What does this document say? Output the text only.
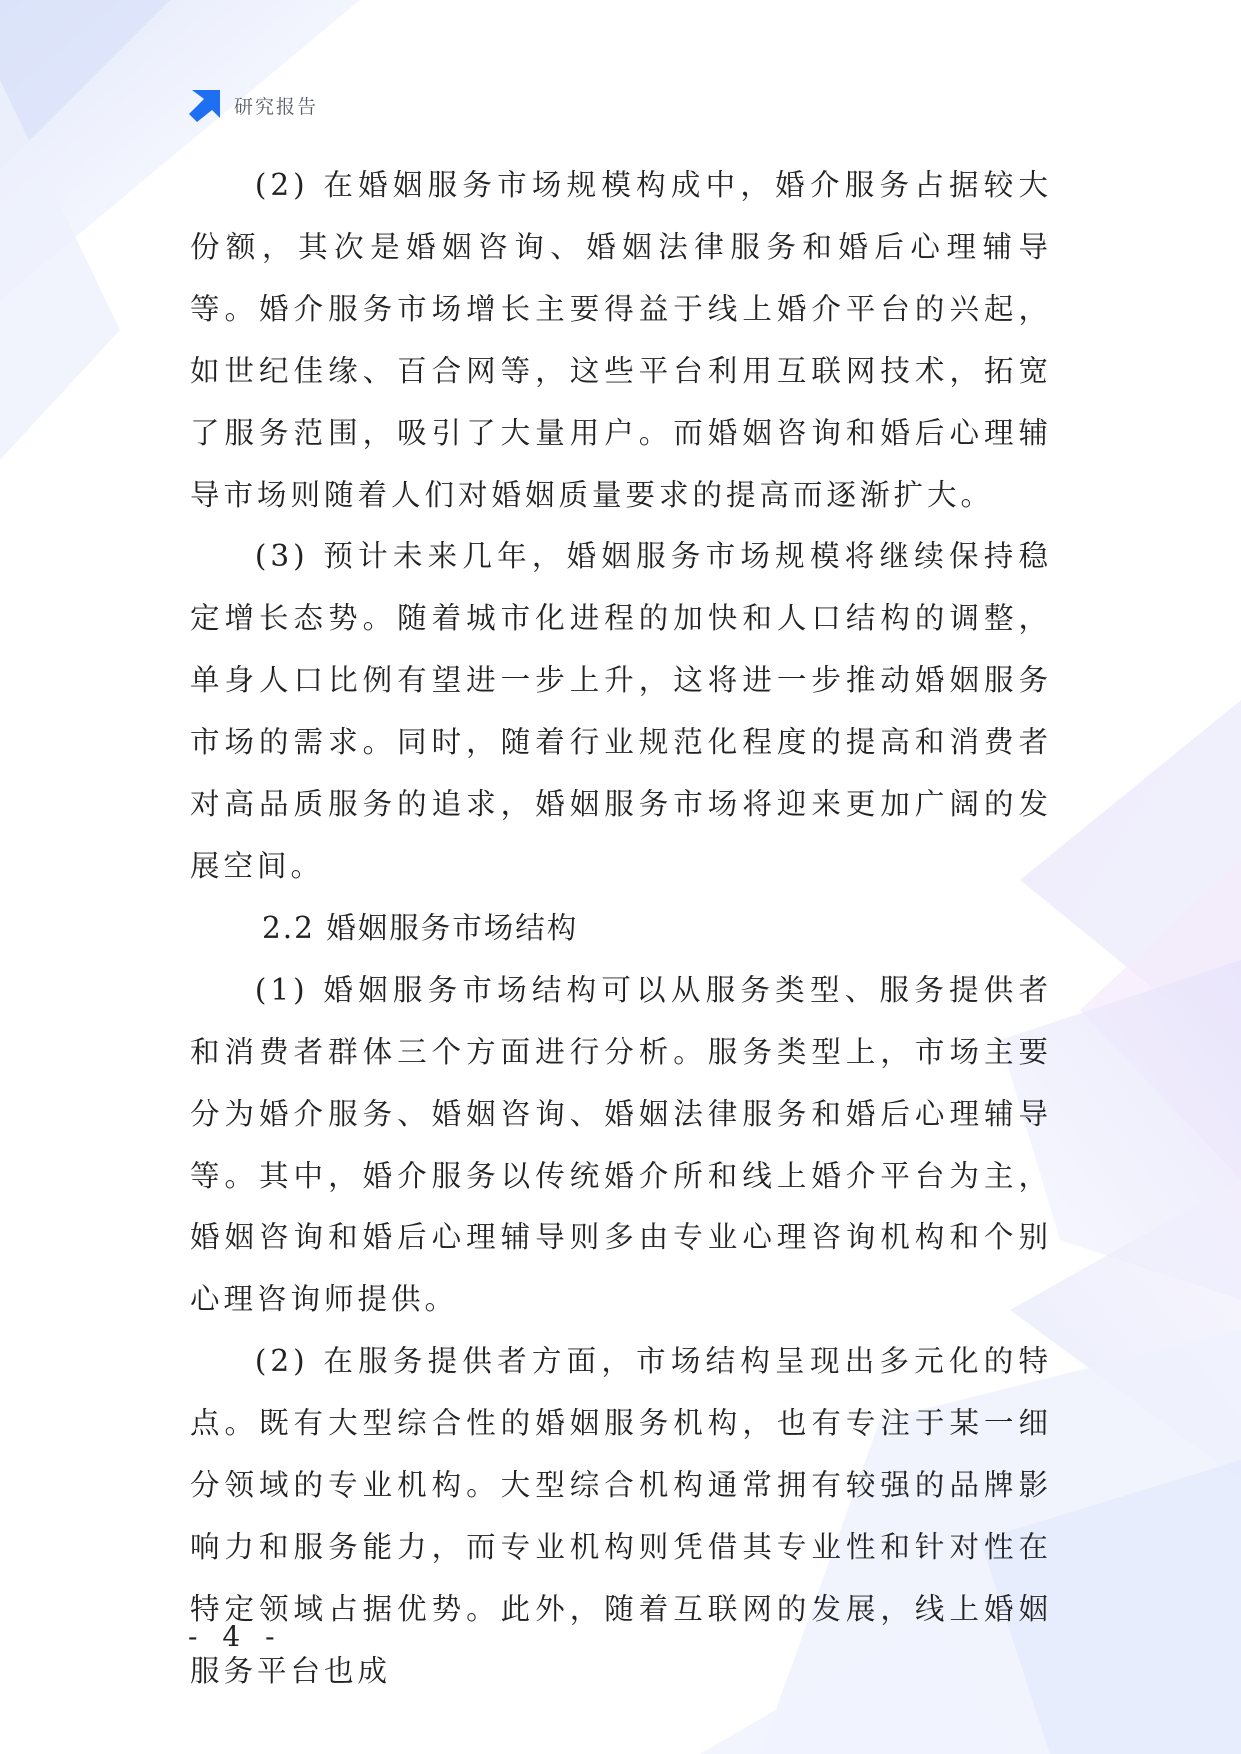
研究报告

(2) 在婚姻服务市场规模构成中，婚介服务占据较大份额，其次是婚姻咨询、婚姻法律服务和婚后心理辅导等。婚介服务市场增长主要得益于线上婚介平台的兴起，如世纪佳缘、百合网等，这些平台利用互联网技术，拓宽了服务范围，吸引了大量用户。而婚姻咨询和婚后心理辅导市场则随着人们对婚姻质量要求的提高而逐渐扩大。

(3) 预计未来几年，婚姻服务市场规模将继续保持稳定增长态势。随着城市化进程的加快和人口结构的调整，单身人口比例有望进一步上升，这将进一步推动婚姻服务市场的需求。同时，随着行业规范化程度的提高和消费者对高品质服务的追求，婚姻服务市场将迎来更加广阔的发展空间。

2.2 婚姻服务市场结构

(1) 婚姻服务市场结构可以从服务类型、服务提供者和消费者群体三个方面进行分析。服务类型上，市场主要分为婚介服务、婚姻咨询、婚姻法律服务和婚后心理辅导等。其中，婚介服务以传统婚介所和线上婚介平台为主，婚姻咨询和婚后心理辅导则多由专业心理咨询机构和个别心理咨询师提供。

(2) 在服务提供者方面，市场结构呈现出多元化的特点。既有大型综合性的婚姻服务机构，也有专注于某一细分领域的专业机构。大型综合机构通常拥有较强的品牌影响力和服务能力，而专业机构则凭借其专业性和针对性在特定领域占据优势。此外，随着互联网的发展，线上婚姻服务平台也成

- 4 -
